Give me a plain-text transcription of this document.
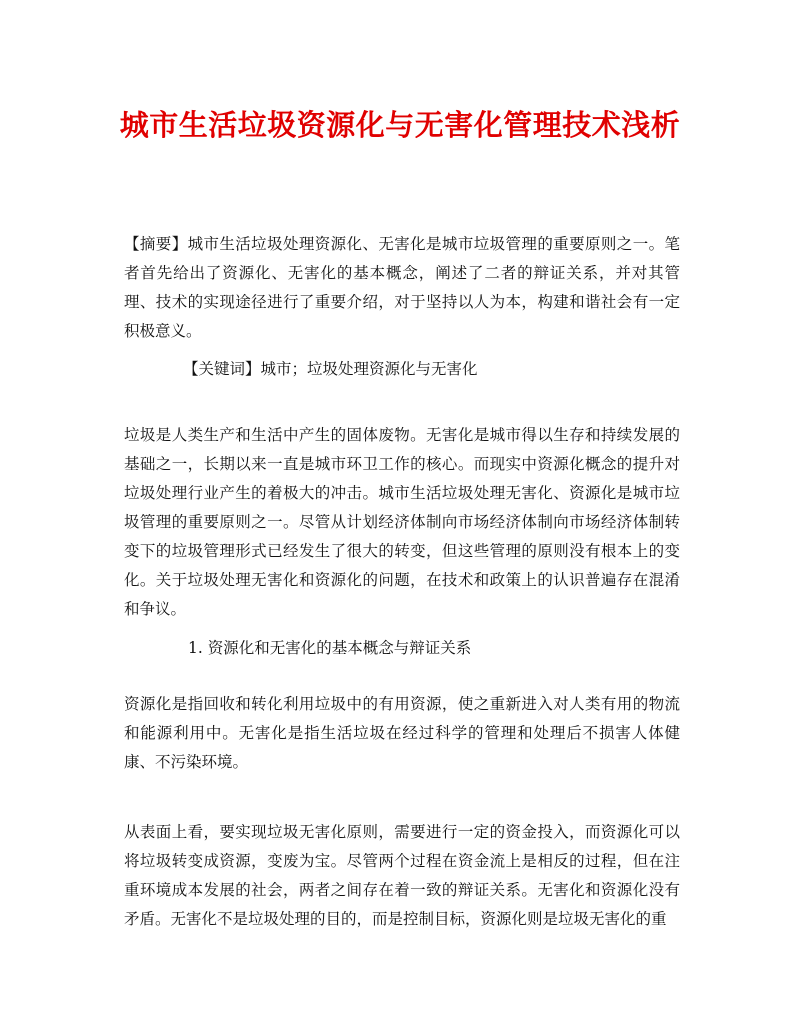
城市生活垃圾资源化与无害化管理技术浅析

【摘要】城市生活垃圾处理资源化、无害化是城市垃圾管理的重要原则之一。笔者首先给出了资源化、无害化的基本概念，阐述了二者的辩证关系，并对其管理、技术的实现途径进行了重要介绍，对于坚持以人为本，构建和谐社会有一定积极意义。

【关键词】城市；垃圾处理资源化与无害化

垃圾是人类生产和生活中产生的固体废物。无害化是城市得以生存和持续发展的基础之一，长期以来一直是城市环卫工作的核心。而现实中资源化概念的提升对垃圾处理行业产生的着极大的冲击。城市生活垃圾处理无害化、资源化是城市垃圾管理的重要原则之一。尽管从计划经济体制向市场经济体制向市场经济体制转变下的垃圾管理形式已经发生了很大的转变，但这些管理的原则没有根本上的变化。关于垃圾处理无害化和资源化的问题，在技术和政策上的认识普遍存在混淆和争议。

1. 资源化和无害化的基本概念与辩证关系

资源化是指回收和转化利用垃圾中的有用资源，使之重新进入对人类有用的物流和能源利用中。无害化是指生活垃圾在经过科学的管理和处理后不损害人体健康、不污染环境。

从表面上看，要实现垃圾无害化原则，需要进行一定的资金投入，而资源化可以将垃圾转变成资源，变废为宝。尽管两个过程在资金流上是相反的过程，但在注重环境成本发展的社会，两者之间存在着一致的辩证关系。无害化和资源化没有矛盾。无害化不是垃圾处理的目的，而是控制目标，资源化则是垃圾无害化的重
